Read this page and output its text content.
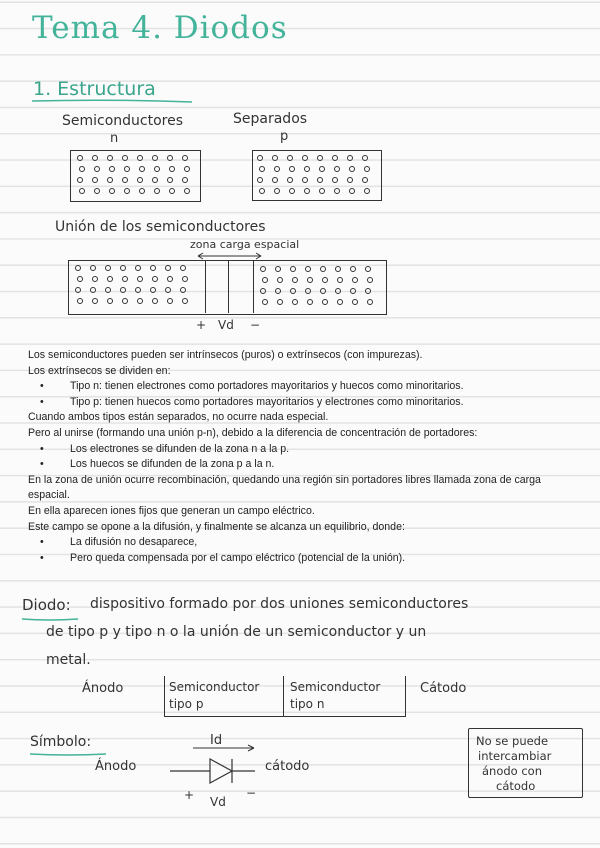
Tema 4. Diodos
1. Estructura
Semiconductores	Separados
n	p
Unión de los semiconductores
zona carga espacial
+ Vd −
Los semiconductores pueden ser intrínsecos (puros) o extrínsecos (con impurezas).
Los extrínsecos se dividen en:
• Tipo n: tienen electrones como portadores mayoritarios y huecos como minoritarios.
• Tipo p: tienen huecos como portadores mayoritarios y electrones como minoritarios.
Cuando ambos tipos están separados, no ocurre nada especial.
Pero al unirse (formando una unión p-n), debido a la diferencia de concentración de portadores:
• Los electrones se difunden de la zona n a la p.
• Los huecos se difunden de la zona p a la n.
En la zona de unión ocurre recombinación, quedando una región sin portadores libres llamada zona de carga espacial.
En ella aparecen iones fijos que generan un campo eléctrico.
Este campo se opone a la difusión, y finalmente se alcanza un equilibrio, donde:
• La difusión no desaparece,
• Pero queda compensada por el campo eléctrico (potencial de la unión).
Diodo: dispositivo formado por dos uniones semiconductores
de tipo p y tipo n o la unión de un semiconductor y un
metal.
Ánodo	Semiconductor
tipo p
Semiconductor
tipo n
Cátodo
Símbolo:	Id
Ánodo	cátodo
+ Vd
−
No se puede
intercambiar
ánodo con
cátodo
